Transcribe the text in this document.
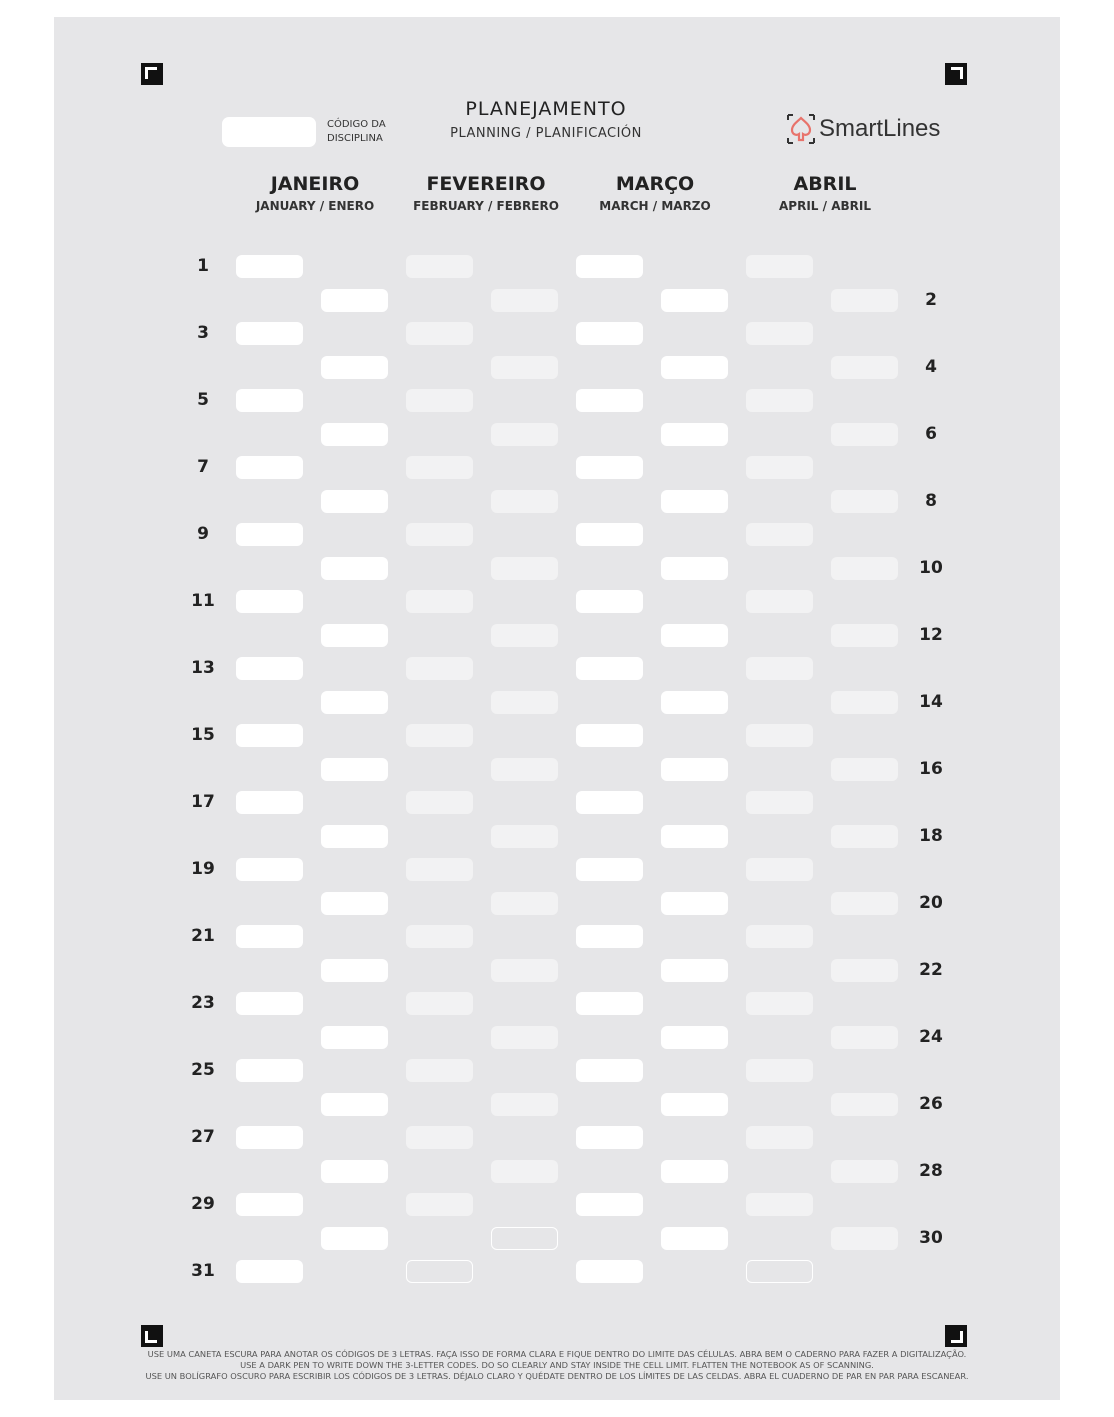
CÓDIGO DA
DISCIPLINA
PLANEJAMENTO
PLANNING / PLANIFICACIÓN	SmartLines
JANEIRO
JANUARY / ENERO
FEVEREIRO
FEBRUARY / FEBRERO
MARÇO
MARCH / MARZO
ABRIL
APRIL / ABRIL
1
3
5
7
9
11
13
15
17
19
21
23
25
27
29
31
2
4
6
8
10
12
14
16
18
20
22
24
26
28
30
USE UMA CANETA ESCURA PARA ANOTAR OS CÓDIGOS DE 3 LETRAS. FAÇA ISSO DE FORMA CLARA E FIQUE DENTRO DO LIMITE DAS CÉLULAS. ABRA BEM O CADERNO PARA FAZER A DIGITALIZAÇÃO.
USE A DARK PEN TO WRITE DOWN THE 3-LETTER CODES. DO SO CLEARLY AND STAY INSIDE THE CELL LIMIT. FLATTEN THE NOTEBOOK AS OF SCANNING.
USE UN BOLÍGRAFO OSCURO PARA ESCRIBIR LOS CÓDIGOS DE 3 LETRAS. DÉJALO CLARO Y QUÉDATE DENTRO DE LOS LÍMITES DE LAS CELDAS. ABRA EL CUADERNO DE PAR EN PAR PARA ESCANEAR.
